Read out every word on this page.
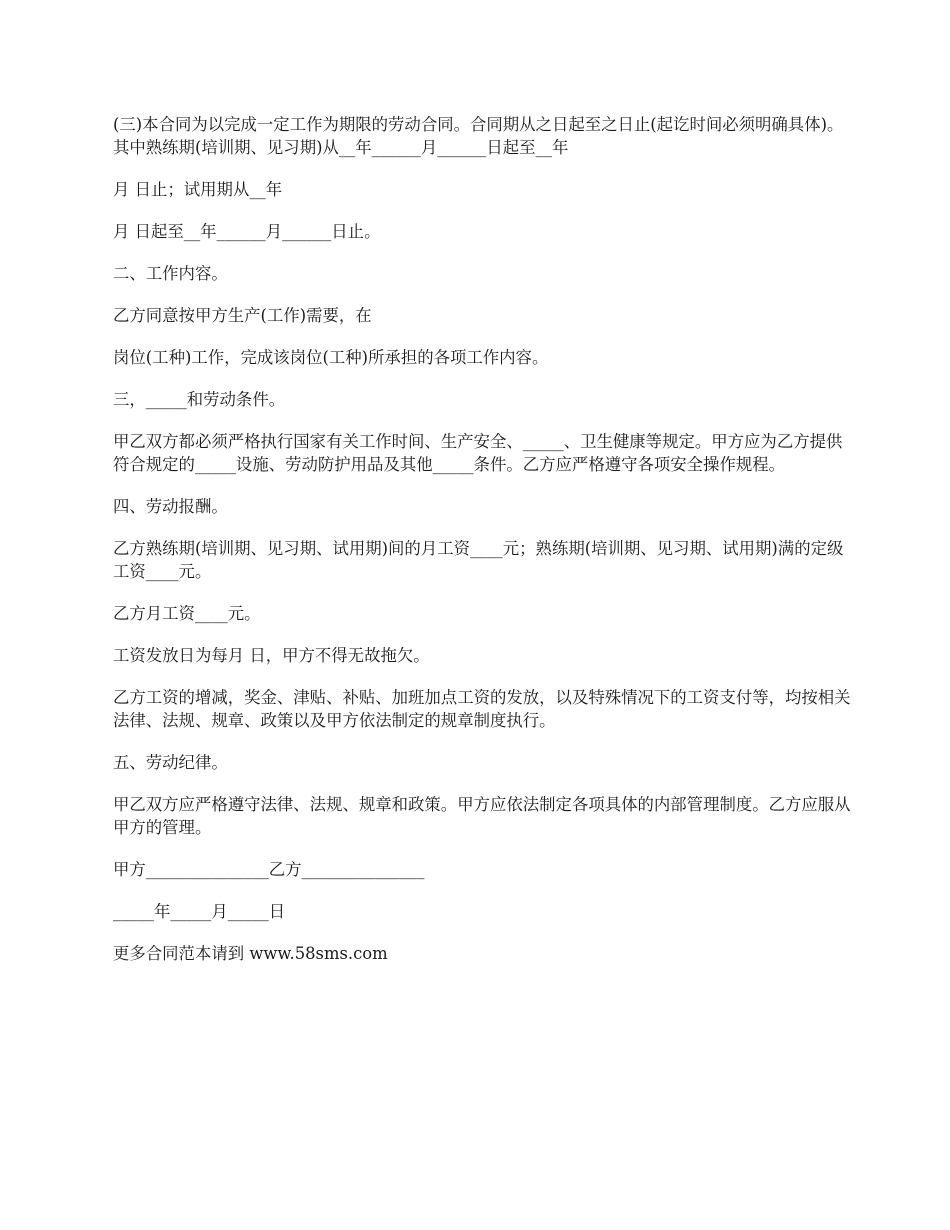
(三)本合同为以完成一定工作为期限的劳动合同。合同期从之日起至之日止(起讫时间必须明确具体)。其中熟练期(培训期、见习期)从__年______月______日起至__年

月 日止；试用期从__年

月 日起至__年______月______日止。

二、工作内容。

乙方同意按甲方生产(工作)需要，在

岗位(工种)工作，完成该岗位(工种)所承担的各项工作内容。

三，_____和劳动条件。

甲乙双方都必须严格执行国家有关工作时间、生产安全、_____、卫生健康等规定。甲方应为乙方提供符合规定的_____设施、劳动防护用品及其他_____条件。乙方应严格遵守各项安全操作规程。

四、劳动报酬。

乙方熟练期(培训期、见习期、试用期)间的月工资____元；熟练期(培训期、见习期、试用期)满的定级工资____元。

乙方月工资____元。

工资发放日为每月 日，甲方不得无故拖欠。

乙方工资的增减，奖金、津贴、补贴、加班加点工资的发放，以及特殊情况下的工资支付等，均按相关法律、法规、规章、政策以及甲方依法制定的规章制度执行。

五、劳动纪律。

甲乙双方应严格遵守法律、法规、规章和政策。甲方应依法制定各项具体的内部管理制度。乙方应服从甲方的管理。

甲方_______________乙方_______________

_____年_____月_____日

更多合同范本请到 www.58sms.com
